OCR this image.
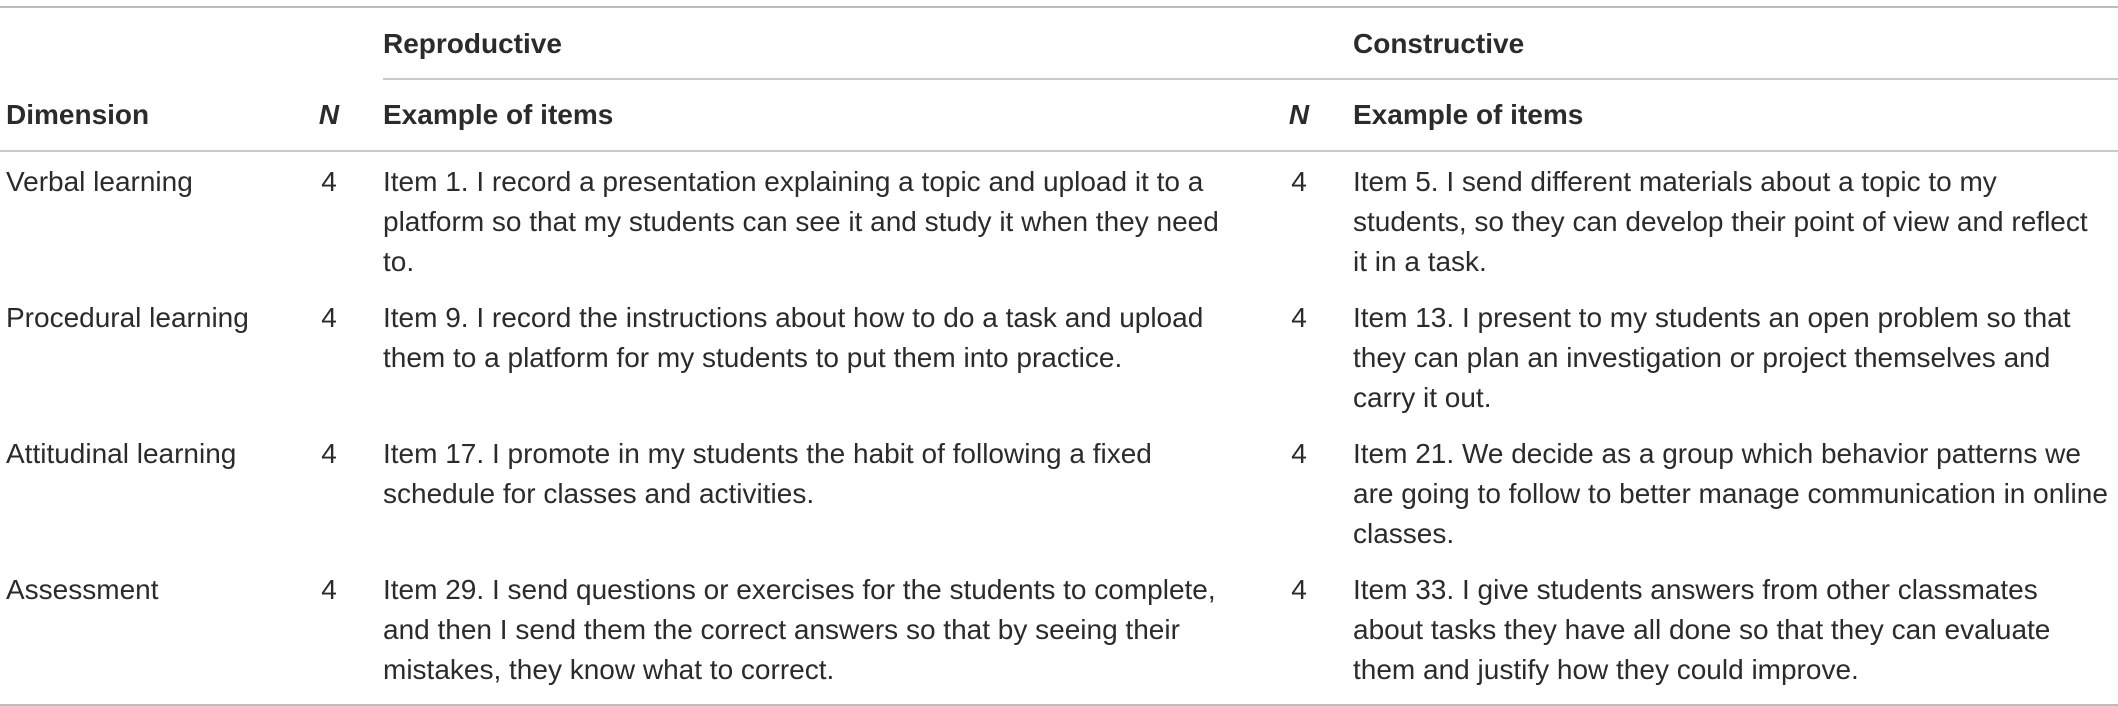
		Reproductive		Constructive
Dimension	N	Example of items	N	Example of items
Verbal learning	4	Item 1. I record a presentation explaining a topic and upload it to a platform so that my students can see it and study it when they need to.	4	Item 5. I send different materials about a topic to my students, so they can develop their point of view and reflect it in a task.
Procedural learning	4	Item 9. I record the instructions about how to do a task and upload them to a platform for my students to put them into practice.	4	Item 13. I present to my students an open problem so that they can plan an investigation or project themselves and carry it out.
Attitudinal learning	4	Item 17. I promote in my students the habit of following a fixed schedule for classes and activities.	4	Item 21. We decide as a group which behavior patterns we are going to follow to better manage communication in online classes.
Assessment	4	Item 29. I send questions or exercises for the students to complete, and then I send them the correct answers so that by seeing their mistakes, they know what to correct.	4	Item 33. I give students answers from other classmates about tasks they have all done so that they can evaluate them and justify how they could improve.
